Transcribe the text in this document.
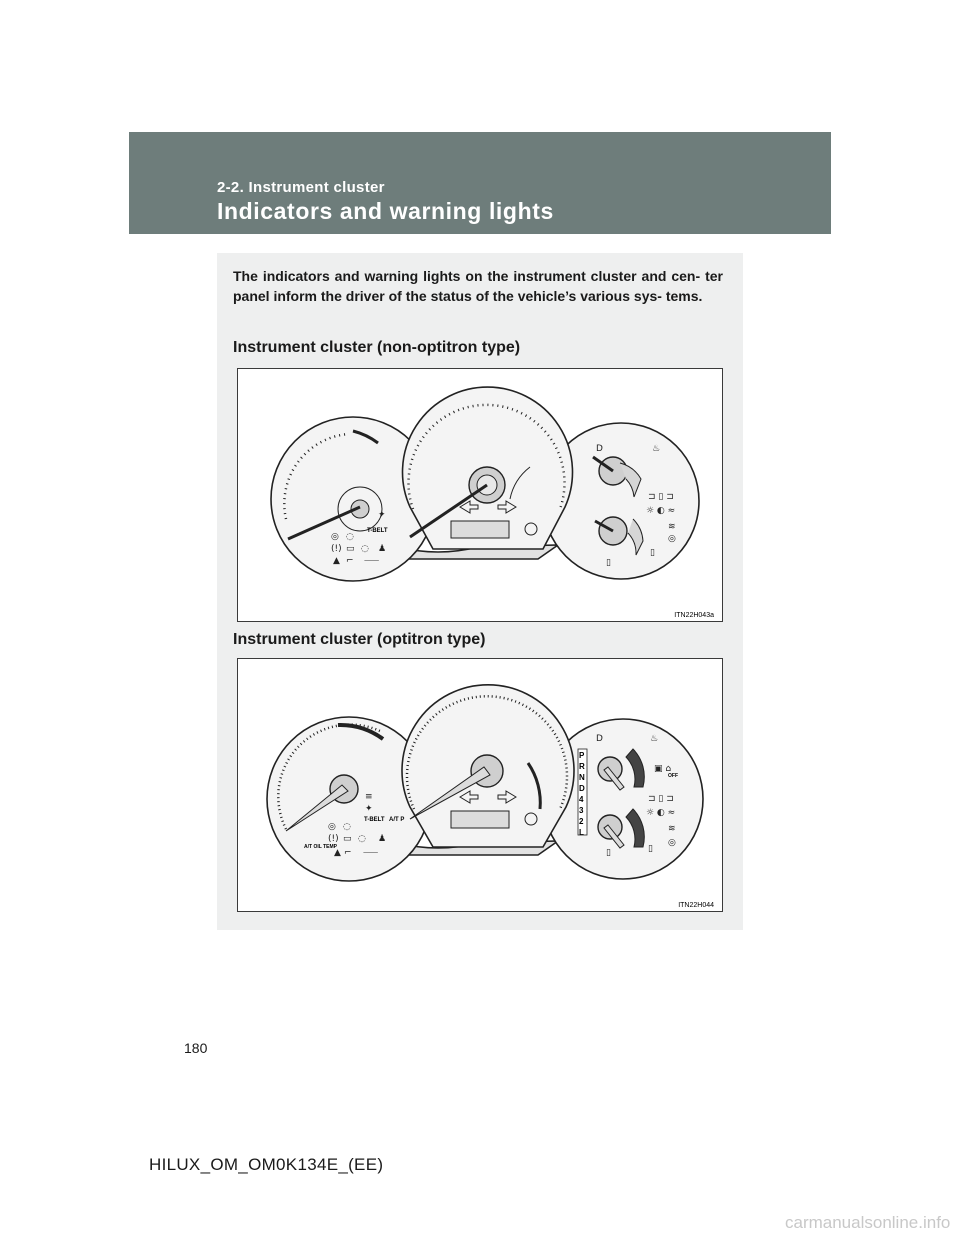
2-2. Instrument cluster
Indicators and warning lights
The indicators and warning lights on the instrument cluster and cen- ter panel inform the driver of the status of the vehicle’s various sys- tems.
Instrument cluster (non-optitron type)
T-BELT
◎ ◌
(!) ▭ ◌ ♟
▲ ⌐ ⸺
✦
D	♨
⊐ ▯ ⊐
☼ ◐ ≈
≋
◎
▯
▯
ITN22H043a
Instrument cluster (optitron type)
T-BELT A/T P
A/T OIL TEMP
OFF
◎ ◌
(!) ▭ ◌ ♟
▲ ⌐ ⸺
≡
✦
D	♨
▣ ⌂
⊐ ▯ ⊐
☼ ◐ ≈
≋
◎
▯	▯
P
R
N
D
4
3
2
L
ITN22H044
180
HILUX_OM_OM0K134E_(EE)
carmanualsonline.info
